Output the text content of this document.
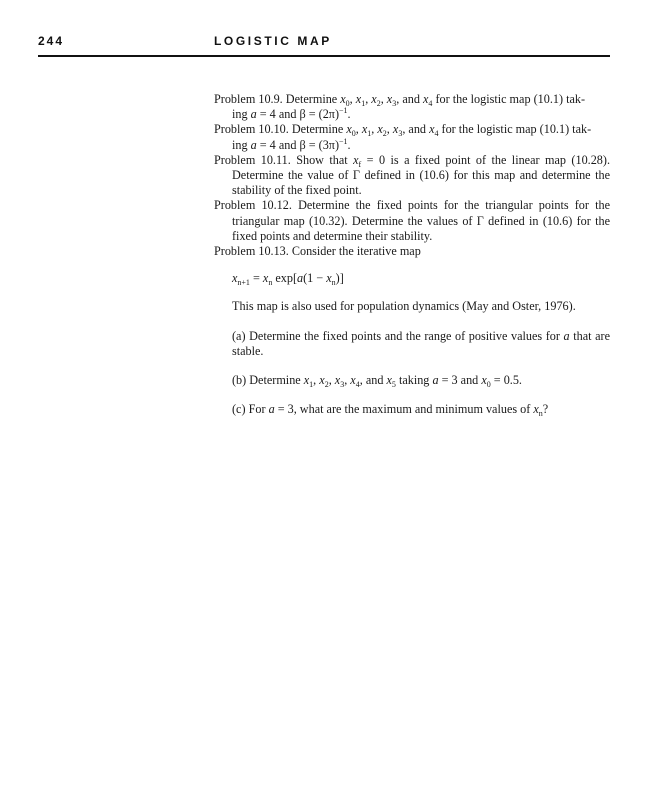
244	LOGISTIC MAP

Problem 10.9. Determine $x_0$, $x_1$, $x_2$, $x_3$, and $x_4$ for the logistic map (10.1) tak-
ing a = 4 and $\beta = (2\pi)^{-1}$.

Problem 10.10. Determine $x_0$, $x_1$, $x_2$, $x_3$, and $x_4$ for the logistic map (10.1) tak-
ing a = 4 and $\beta = (3\pi)^{-1}$.

Problem 10.11. Show that $x_f = 0$ is a fixed point of the linear map (10.28). Determine the value of Γ defined in (10.6) for this map and determine the stability of the fixed point.

Problem 10.12. Determine the fixed points for the triangular points for the triangular map (10.32). Determine the values of Γ defined in (10.6) for the fixed points and determine their stability.

Problem 10.13. Consider the iterative map

$x_{n+1} = x_n$ $\exp[a(1 - x_n)]$

This map is also used for population dynamics (May and Oster, 1976).

(a) Determine the fixed points and the range of positive values for a that are stable.

(b) Determine $x_1$, $x_2$, $x_3$, $x_4$, and $x_5$ taking a = 3 and $x_0 = 0.5$.

(c) For a = 3, what are the maximum and minimum values of $x_n$?
